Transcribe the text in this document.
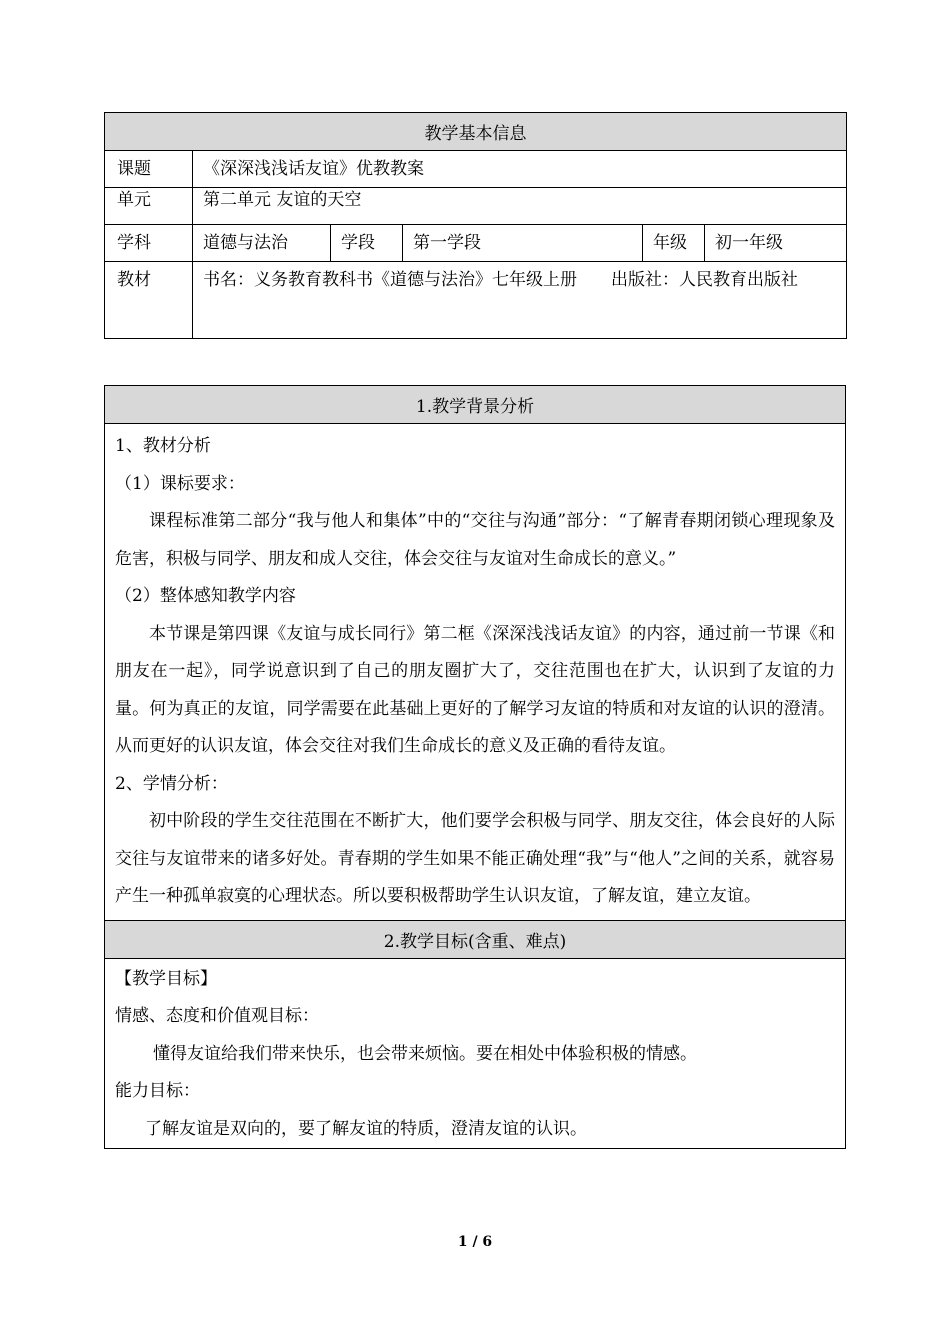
教学基本信息					
课题	《深深浅浅话友谊》优教教案				
单元	第二单元 友谊的天空				
学科	道德与法治	学段	第一学段	年级	初一年级
教材	书名：义务教育教科书《道德与法治》七年级上册　　出版社：人民教育出版社				
1.教学背景分析

1、教材分析

（1）课标要求：

课程标准第二部分“我与他人和集体”中的“交往与沟通”部分：“了解青春期闭锁心理现象及危害，积极与同学、朋友和成人交往，体会交往与友谊对生命成长的意义。”

（2）整体感知教学内容

本节课是第四课《友谊与成长同行》第二框《深深浅浅话友谊》的内容，通过前一节课《和朋友在一起》，同学说意识到了自己的朋友圈扩大了，交往范围也在扩大，认识到了友谊的力量。何为真正的友谊，同学需要在此基础上更好的了解学习友谊的特质和对友谊的认识的澄清。从而更好的认识友谊，体会交往对我们生命成长的意义及正确的看待友谊。

2、学情分析：

初中阶段的学生交往范围在不断扩大，他们要学会积极与同学、朋友交往，体会良好的人际交往与友谊带来的诸多好处。青春期的学生如果不能正确处理“我”与“他人”之间的关系，就容易产生一种孤单寂寞的心理状态。所以要积极帮助学生认识友谊，了解友谊，建立友谊。

2.教学目标(含重、难点)

【教学目标】

情感、态度和价值观目标：

懂得友谊给我们带来快乐，也会带来烦恼。要在相处中体验积极的情感。

能力目标：

了解友谊是双向的，要了解友谊的特质，澄清友谊的认识。

1 / 6
